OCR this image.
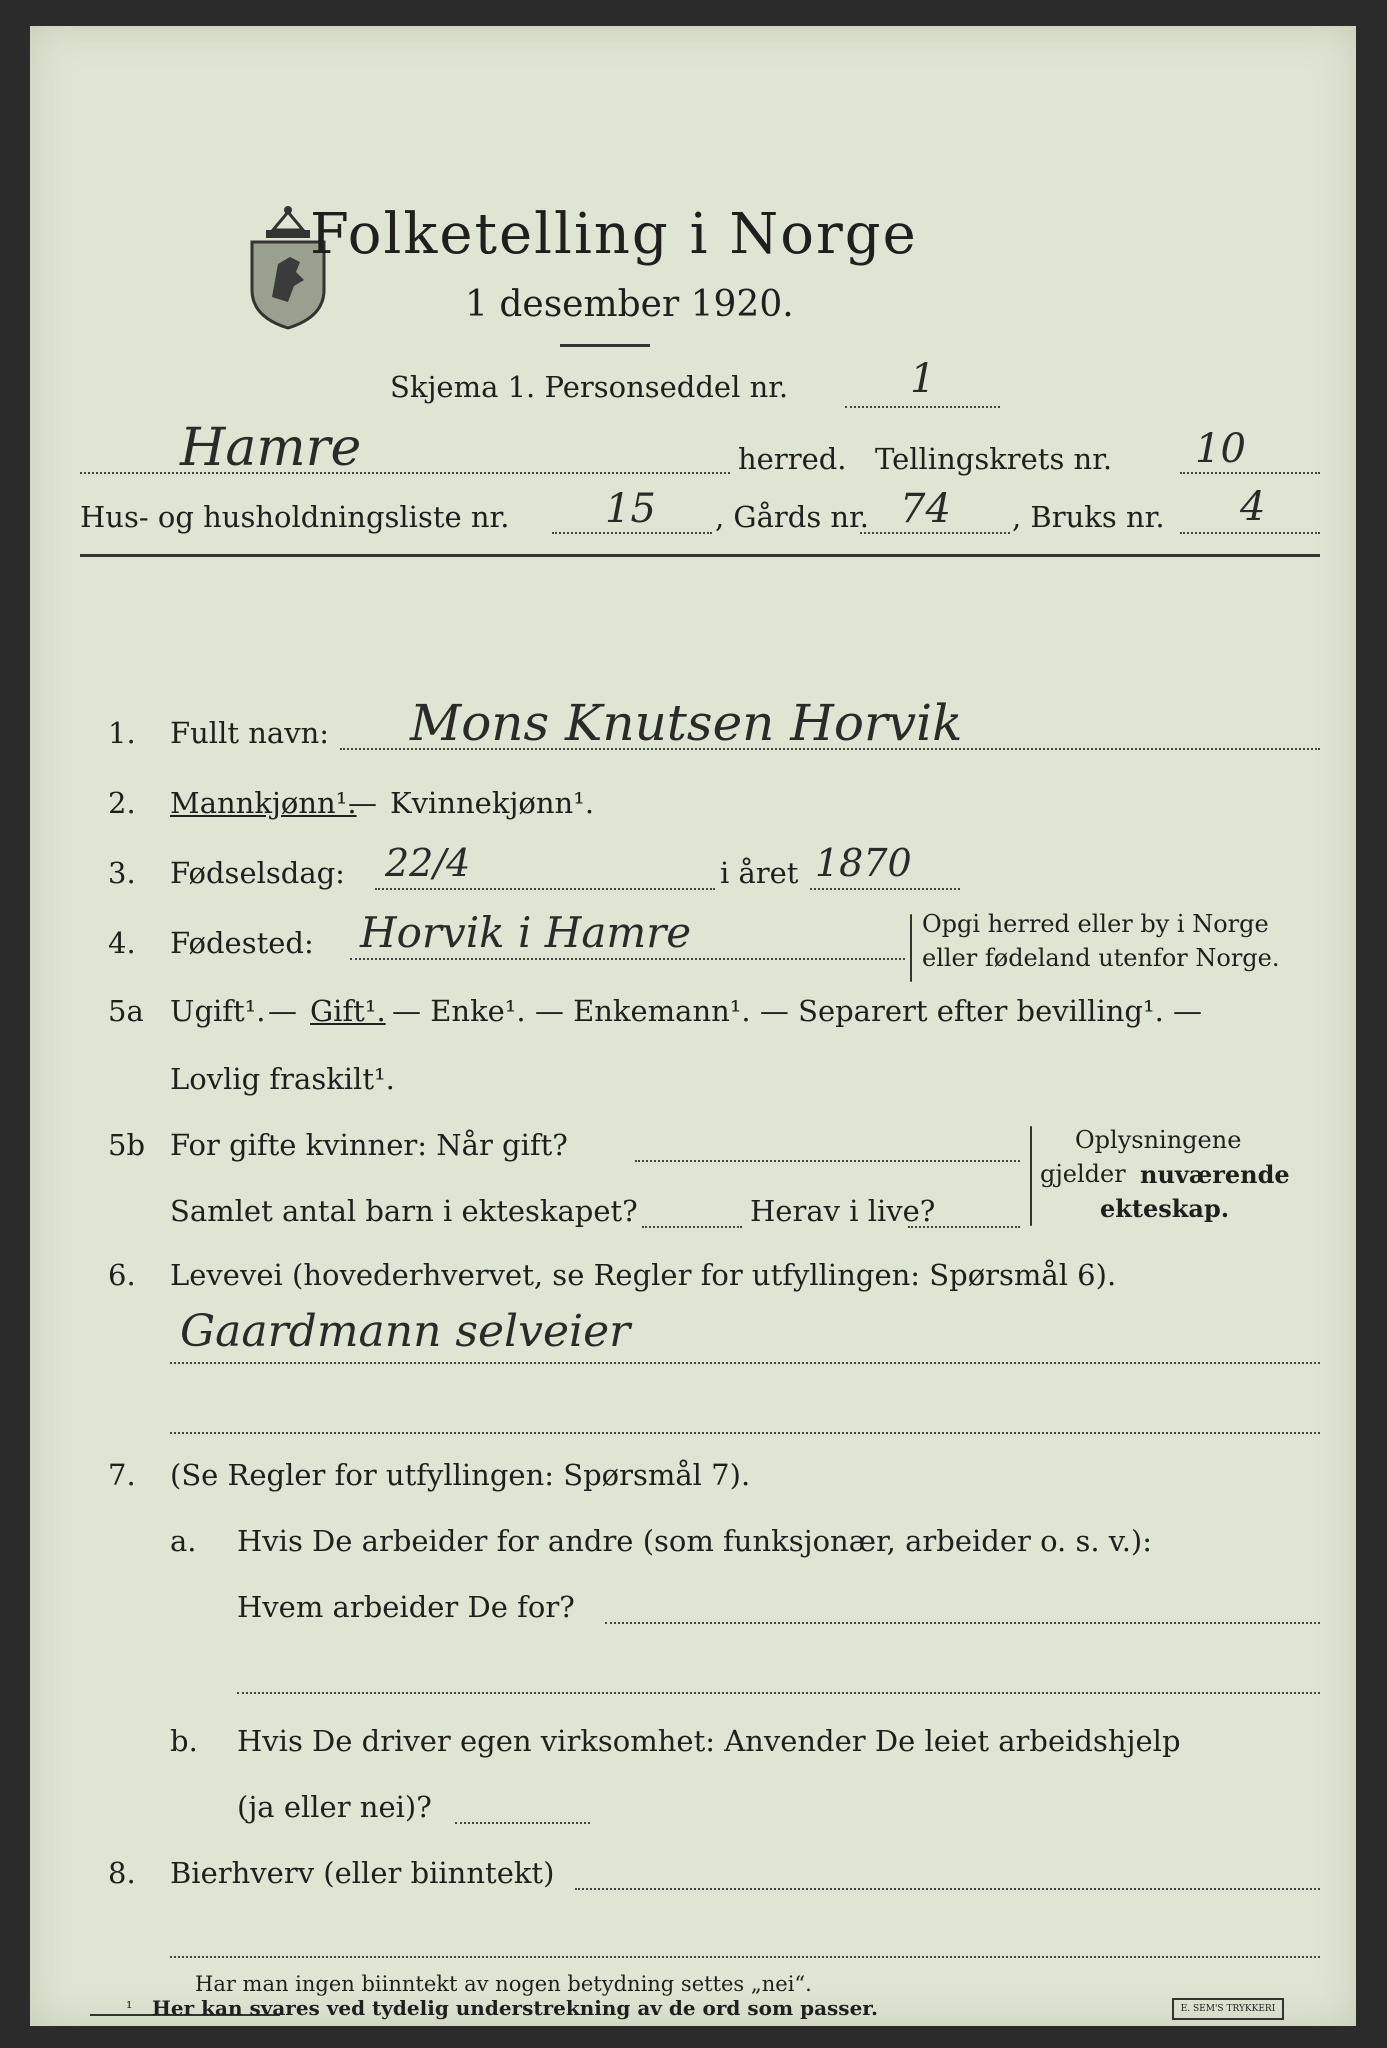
Folketelling i Norge
1 desember 1920.
Skjema 1. Personseddel nr.	1
Hamre	herred. Tellingskrets nr. 10
Hus- og husholdningsliste nr. 15 , Gårds nr. 74 , Bruks nr. 4
1. Fullt navn: Mons Knutsen Horvik
2. Mannkjønn¹.
— Kvinnekjønn¹.
3. Fødselsdag: 22/4	i året 1870
4. Fødested: Horvik i Hamre	Opgi herred eller by i Norge
eller fødeland utenfor Norge.
5a Ugift¹. — Gift¹. — Enke¹. — Enkemann¹. — Separert efter bevilling¹. —
Lovlig fraskilt¹.
5b For gifte kvinner: Når gift?
Samlet antal barn i ekteskapet?	Herav i live?
Oplysningene
gjelder nuværende
ekteskap.
6. Levevei (hovederhvervet, se Regler for utfyllingen: Spørsmål 6).
Gaardmann selveier
7. (Se Regler for utfyllingen: Spørsmål 7).
a. Hvis De arbeider for andre (som funksjonær, arbeider o. s. v.):
Hvem arbeider De for?
b. Hvis De driver egen virksomhet: Anvender De leiet arbeidshjelp
(ja eller nei)?
8. Bierhverv (eller biinntekt)
Har man ingen biinntekt av nogen betydning settes „nei“.
¹ Her kan svares ved tydelig understrekning av de ord som passer.	E. SEM'S TRYKKERI
